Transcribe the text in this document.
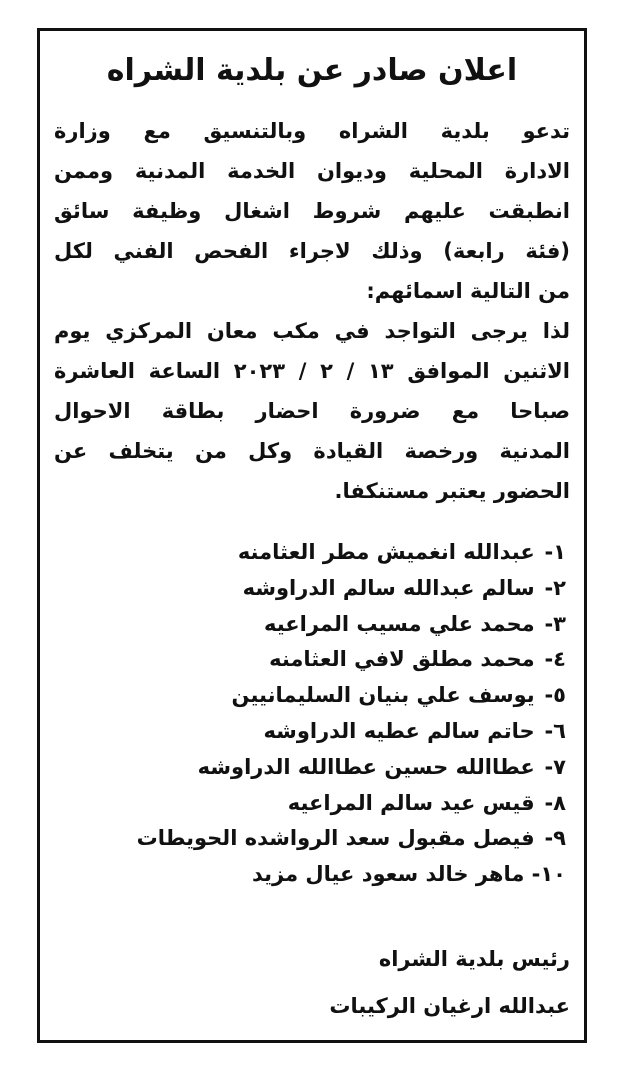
اعلان صادر عن بلدية الشراه
تدعو بلدية الشراه وبالتنسيق مع وزارة
الادارة المحلية وديوان الخدمة المدنية وممن
انطبقت عليهم شروط اشغال وظيفة سائق
(فئة رابعة) وذلك لاجراء الفحص الفني لكل
من التالية اسمائهم:
لذا يرجى التواجد في مكب معان المركزي يوم
الاثنين الموافق ١٣ / ٢ / ٢٠٢٣ الساعة العاشرة
صباحا مع ضرورة احضار بطاقة الاحوال
المدنية ورخصة القيادة وكل من يتخلف عن
الحضور يعتبر مستنكفا.
١- عبدالله انغميش مطر العثامنه
٢- سالم عبدالله سالم الدراوشه
٣- محمد علي مسيب المراعيه
٤- محمد مطلق لافي العثامنه
٥- يوسف علي بنيان السليمانيين
٦- حاتم سالم عطيه الدراوشه
٧- عطاالله حسين عطاالله الدراوشه
٨- قيس عيد سالم المراعيه
٩- فيصل مقبول سعد الرواشده الحويطات
١٠- ماهر خالد سعود عيال مزيد
رئيس بلدية الشراه
عبدالله ارغيان الركيبات
